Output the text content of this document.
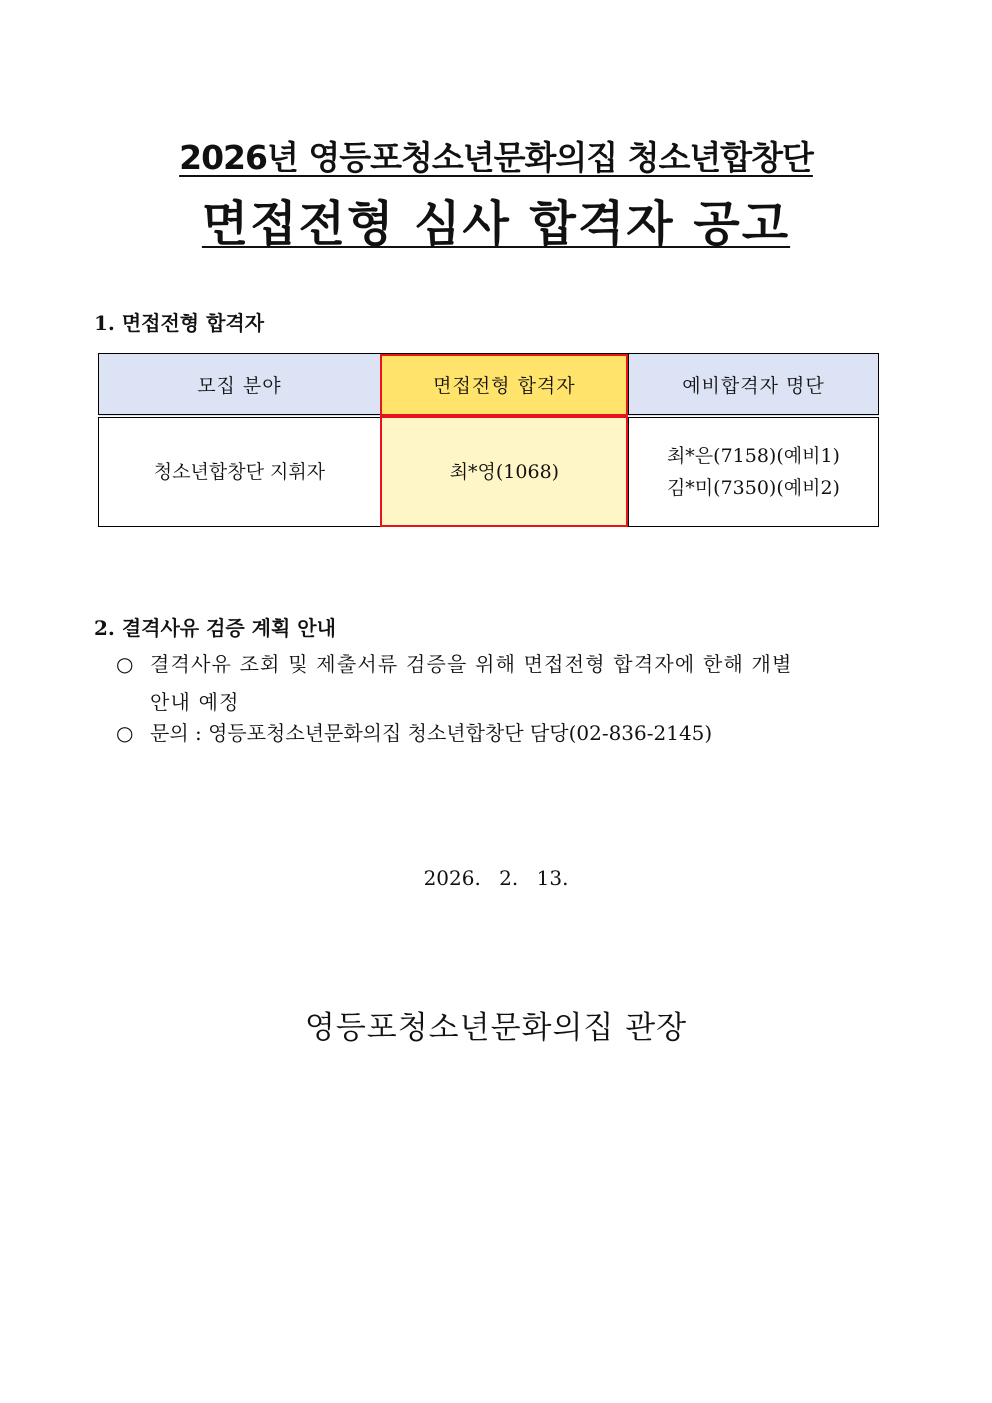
2026년 영등포청소년문화의집 청소년합창단
면접전형 심사 합격자 공고
1. 면접전형 합격자
모집 분야	면접전형 합격자	예비합격자 명단
청소년합창단 지휘자	최*영(1068)	최*은(7158)(예비1)
김*미(7350)(예비2)
2. 결격사유 검증 계획 안내
○ 결격사유 조회 및 제출서류 검증을 위해 면접전형 합격자에 한해 개별
안내 예정
○ 문의 : 영등포청소년문화의집 청소년합창단 담당(02-836-2145)
2026. 2. 13.
영등포청소년문화의집 관장
